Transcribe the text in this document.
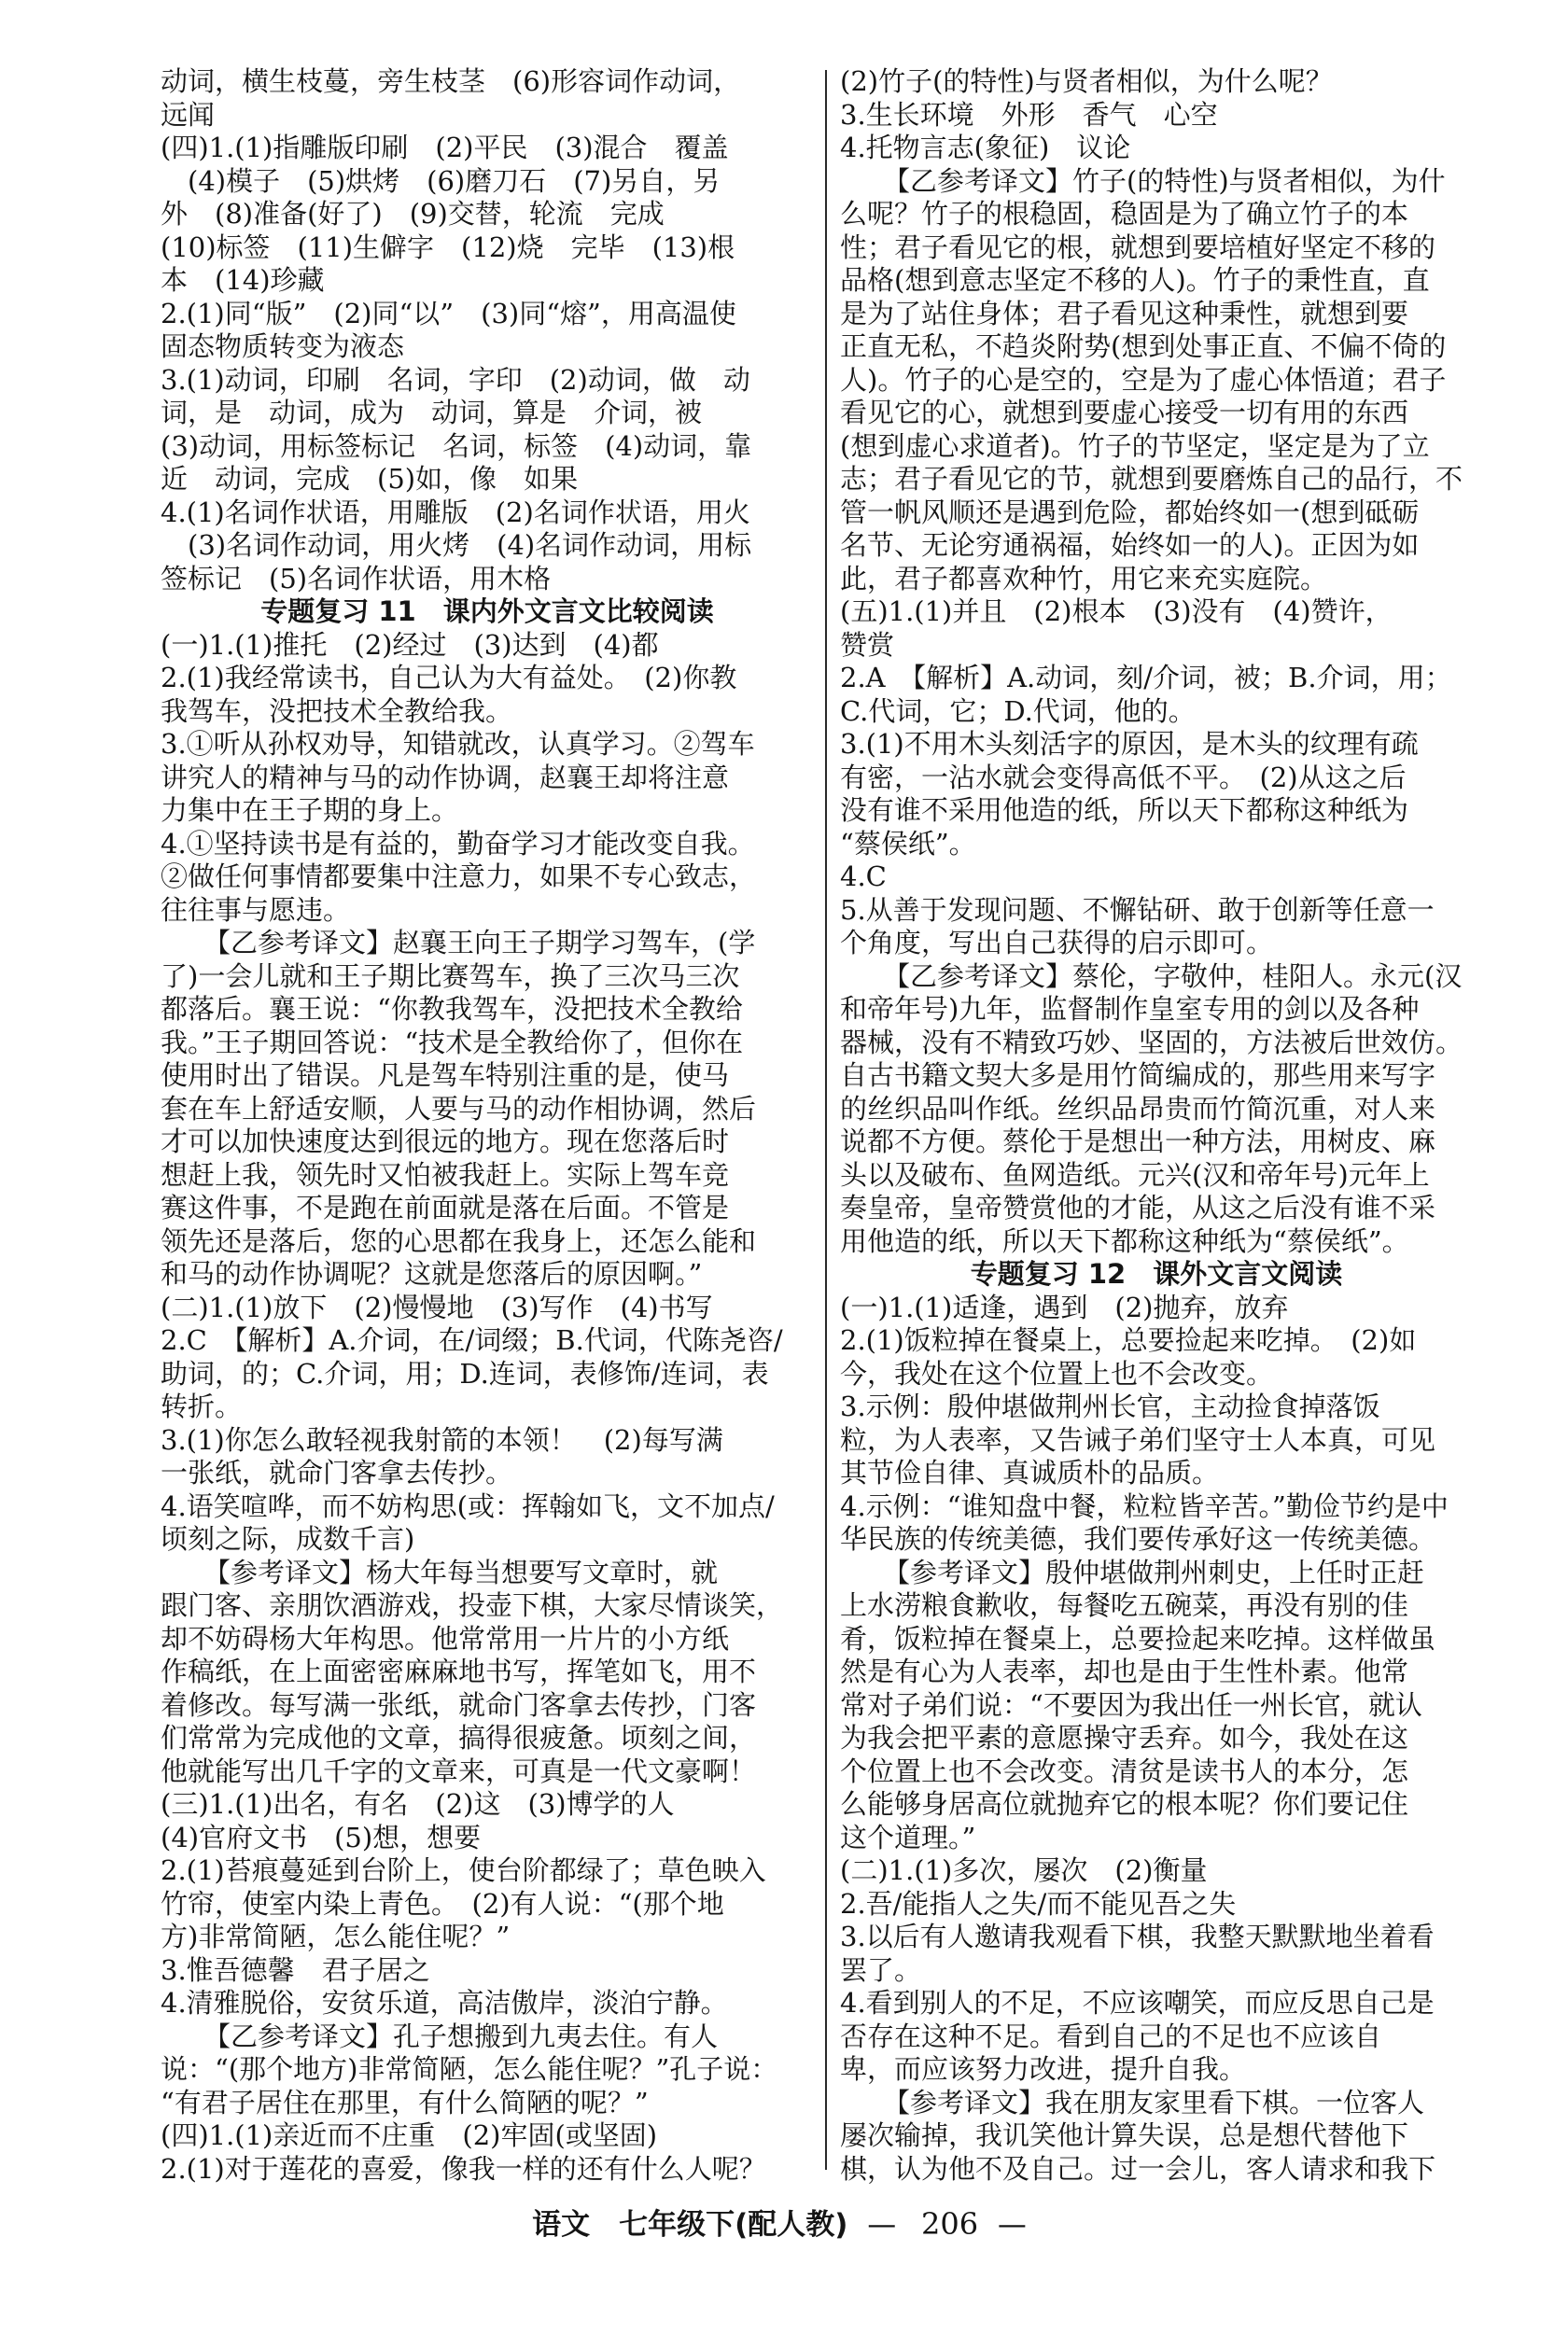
动词，横生枝蔓，旁生枝茎　(6)形容词作动词，
远闻
(四)1.(1)指雕版印刷　(2)平民　(3)混合　覆盖
　(4)模子　(5)烘烤　(6)磨刀石　(7)另自，另
外　(8)准备(好了)　(9)交替，轮流　完成
(10)标签　(11)生僻字　(12)烧　完毕　(13)根
本　(14)珍藏
2.(1)同“版”　(2)同“以”　(3)同“熔”，用高温使
固态物质转变为液态
3.(1)动词，印刷　名词，字印　(2)动词，做　动
词，是　动词，成为　动词，算是　介词，被
(3)动词，用标签标记　名词，标签　(4)动词，靠
近　动词，完成　(5)如，像　如果
4.(1)名词作状语，用雕版　(2)名词作状语，用火
　(3)名词作动词，用火烤　(4)名词作动词，用标
签标记　(5)名词作状语，用木格
专题复习 11　课内外文言文比较阅读
(一)1.(1)推托　(2)经过　(3)达到　(4)都
2.(1)我经常读书，自己认为大有益处。　(2)你教
我驾车，没把技术全教给我。
3.①听从孙权劝导，知错就改，认真学习。②驾车
讲究人的精神与马的动作协调，赵襄王却将注意
力集中在王子期的身上。
4.①坚持读书是有益的，勤奋学习才能改变自我。
②做任何事情都要集中注意力，如果不专心致志，
往往事与愿违。
【乙参考译文】赵襄王向王子期学习驾车，(学
了)一会儿就和王子期比赛驾车，换了三次马三次
都落后。襄王说：“你教我驾车，没把技术全教给
我。”王子期回答说：“技术是全教给你了，但你在
使用时出了错误。凡是驾车特别注重的是，使马
套在车上舒适安顺，人要与马的动作相协调，然后
才可以加快速度达到很远的地方。现在您落后时
想赶上我，领先时又怕被我赶上。实际上驾车竞
赛这件事，不是跑在前面就是落在后面。不管是
领先还是落后，您的心思都在我身上，还怎么能和
和马的动作协调呢？这就是您落后的原因啊。”
(二)1.(1)放下　(2)慢慢地　(3)写作　(4)书写
2.C　【解析】A.介词，在/词缀；B.代词，代陈尧咨/
助词，的；C.介词，用；D.连词，表修饰/连词，表
转折。
3.(1)你怎么敢轻视我射箭的本领！　(2)每写满
一张纸，就命门客拿去传抄。
4.语笑喧哗，而不妨构思(或：挥翰如飞，文不加点/
顷刻之际，成数千言)
【参考译文】杨大年每当想要写文章时，就
跟门客、亲朋饮酒游戏，投壶下棋，大家尽情谈笑，
却不妨碍杨大年构思。他常常用一片片的小方纸
作稿纸，在上面密密麻麻地书写，挥笔如飞，用不
着修改。每写满一张纸，就命门客拿去传抄，门客
们常常为完成他的文章，搞得很疲惫。顷刻之间，
他就能写出几千字的文章来，可真是一代文豪啊！
(三)1.(1)出名，有名　(2)这　(3)博学的人
(4)官府文书　(5)想，想要
2.(1)苔痕蔓延到台阶上，使台阶都绿了；草色映入
竹帘，使室内染上青色。　(2)有人说：“(那个地
方)非常简陋，怎么能住呢？”
3.惟吾德馨　君子居之
4.清雅脱俗，安贫乐道，高洁傲岸，淡泊宁静。
【乙参考译文】孔子想搬到九夷去住。有人
说：“(那个地方)非常简陋，怎么能住呢？”孔子说：
“有君子居住在那里，有什么简陋的呢？”
(四)1.(1)亲近而不庄重　(2)牢固(或坚固)
2.(1)对于莲花的喜爱，像我一样的还有什么人呢？
(2)竹子(的特性)与贤者相似，为什么呢？
3.生长环境　外形　香气　心空
4.托物言志(象征)　议论
【乙参考译文】竹子(的特性)与贤者相似，为什
么呢？竹子的根稳固，稳固是为了确立竹子的本
性；君子看见它的根，就想到要培植好坚定不移的
品格(想到意志坚定不移的人)。竹子的秉性直，直
是为了站住身体；君子看见这种秉性，就想到要
正直无私，不趋炎附势(想到处事正直、不偏不倚的
人)。竹子的心是空的，空是为了虚心体悟道；君子
看见它的心，就想到要虚心接受一切有用的东西
(想到虚心求道者)。竹子的节坚定，坚定是为了立
志；君子看见它的节，就想到要磨炼自己的品行，不
管一帆风顺还是遇到危险，都始终如一(想到砥砺
名节、无论穷通祸福，始终如一的人)。正因为如
此，君子都喜欢种竹，用它来充实庭院。
(五)1.(1)并且　(2)根本　(3)没有　(4)赞许，
赞赏
2.A　【解析】A.动词，刻/介词，被；B.介词，用；
C.代词，它；D.代词，他的。
3.(1)不用木头刻活字的原因，是木头的纹理有疏
有密，一沾水就会变得高低不平。　(2)从这之后
没有谁不采用他造的纸，所以天下都称这种纸为
“蔡侯纸”。
4.C
5.从善于发现问题、不懈钻研、敢于创新等任意一
个角度，写出自己获得的启示即可。
【乙参考译文】蔡伦，字敬仲，桂阳人。永元(汉
和帝年号)九年，监督制作皇室专用的剑以及各种
器械，没有不精致巧妙、坚固的，方法被后世效仿。
自古书籍文契大多是用竹简编成的，那些用来写字
的丝织品叫作纸。丝织品昂贵而竹简沉重，对人来
说都不方便。蔡伦于是想出一种方法，用树皮、麻
头以及破布、鱼网造纸。元兴(汉和帝年号)元年上
奏皇帝，皇帝赞赏他的才能，从这之后没有谁不采
用他造的纸，所以天下都称这种纸为“蔡侯纸”。
专题复习 12　课外文言文阅读
(一)1.(1)适逢，遇到　(2)抛弃，放弃
2.(1)饭粒掉在餐桌上，总要捡起来吃掉。　(2)如
今，我处在这个位置上也不会改变。
3.示例：殷仲堪做荆州长官，主动捡食掉落饭
粒，为人表率，又告诫子弟们坚守士人本真，可见
其节俭自律、真诚质朴的品质。
4.示例：“谁知盘中餐，粒粒皆辛苦。”勤俭节约是中
华民族的传统美德，我们要传承好这一传统美德。
【参考译文】殷仲堪做荆州刺史，上任时正赶
上水涝粮食歉收，每餐吃五碗菜，再没有别的佳
肴，饭粒掉在餐桌上，总要捡起来吃掉。这样做虽
然是有心为人表率，却也是由于生性朴素。他常
常对子弟们说：“不要因为我出任一州长官，就认
为我会把平素的意愿操守丢弃。如今，我处在这
个位置上也不会改变。清贫是读书人的本分，怎
么能够身居高位就抛弃它的根本呢？你们要记住
这个道理。”
(二)1.(1)多次，屡次　(2)衡量
2.吾/能指人之失/而不能见吾之失
3.以后有人邀请我观看下棋，我整天默默地坐着看
罢了。
4.看到别人的不足，不应该嘲笑，而应反思自己是
否存在这种不足。看到自己的不足也不应该自
卑，而应该努力改进，提升自我。
【参考译文】我在朋友家里看下棋。一位客人
屡次输掉，我讥笑他计算失误，总是想代替他下
棋，认为他不及自己。过一会儿，客人请求和我下
语文　七年级下(配人教) — 206 —
